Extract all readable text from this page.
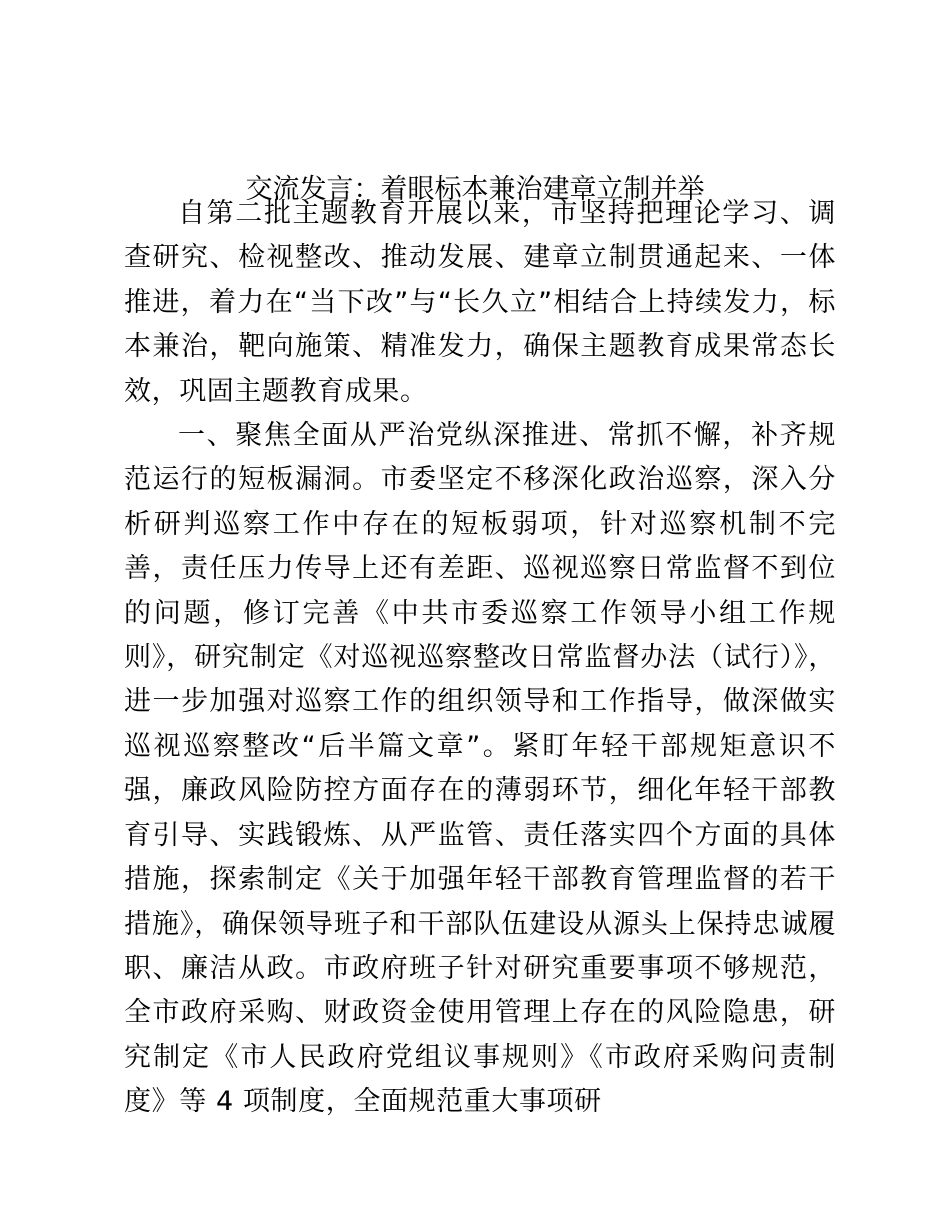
交流发言：着眼标本兼治建章立制并举

自第二批主题教育开展以来，市坚持把理论学习、调查研究、检视整改、推动发展、建章立制贯通起来、一体推进，着力在“当下改”与“长久立”相结合上持续发力，标本兼治，靶向施策、精准发力，确保主题教育成果常态长效，巩固主题教育成果。

一、聚焦全面从严治党纵深推进、常抓不懈，补齐规范运行的短板漏洞。市委坚定不移深化政治巡察，深入分析研判巡察工作中存在的短板弱项，针对巡察机制不完善，责任压力传导上还有差距、巡视巡察日常监督不到位的问题，修订完善《中共市委巡察工作领导小组工作规则》，研究制定《对巡视巡察整改日常监督办法（试行）》，进一步加强对巡察工作的组织领导和工作指导，做深做实巡视巡察整改“后半篇文章”。紧盯年轻干部规矩意识不强，廉政风险防控方面存在的薄弱环节，细化年轻干部教育引导、实践锻炼、从严监管、责任落实四个方面的具体措施，探索制定《关于加强年轻干部教育管理监督的若干措施》，确保领导班子和干部队伍建设从源头上保持忠诚履职、廉洁从政。市政府班子针对研究重要事项不够规范，全市政府采购、财政资金使用管理上存在的风险隐患，研究制定《市人民政府党组议事规则》《市政府采购问责制度》等 4 项制度，全面规范重大事项研
